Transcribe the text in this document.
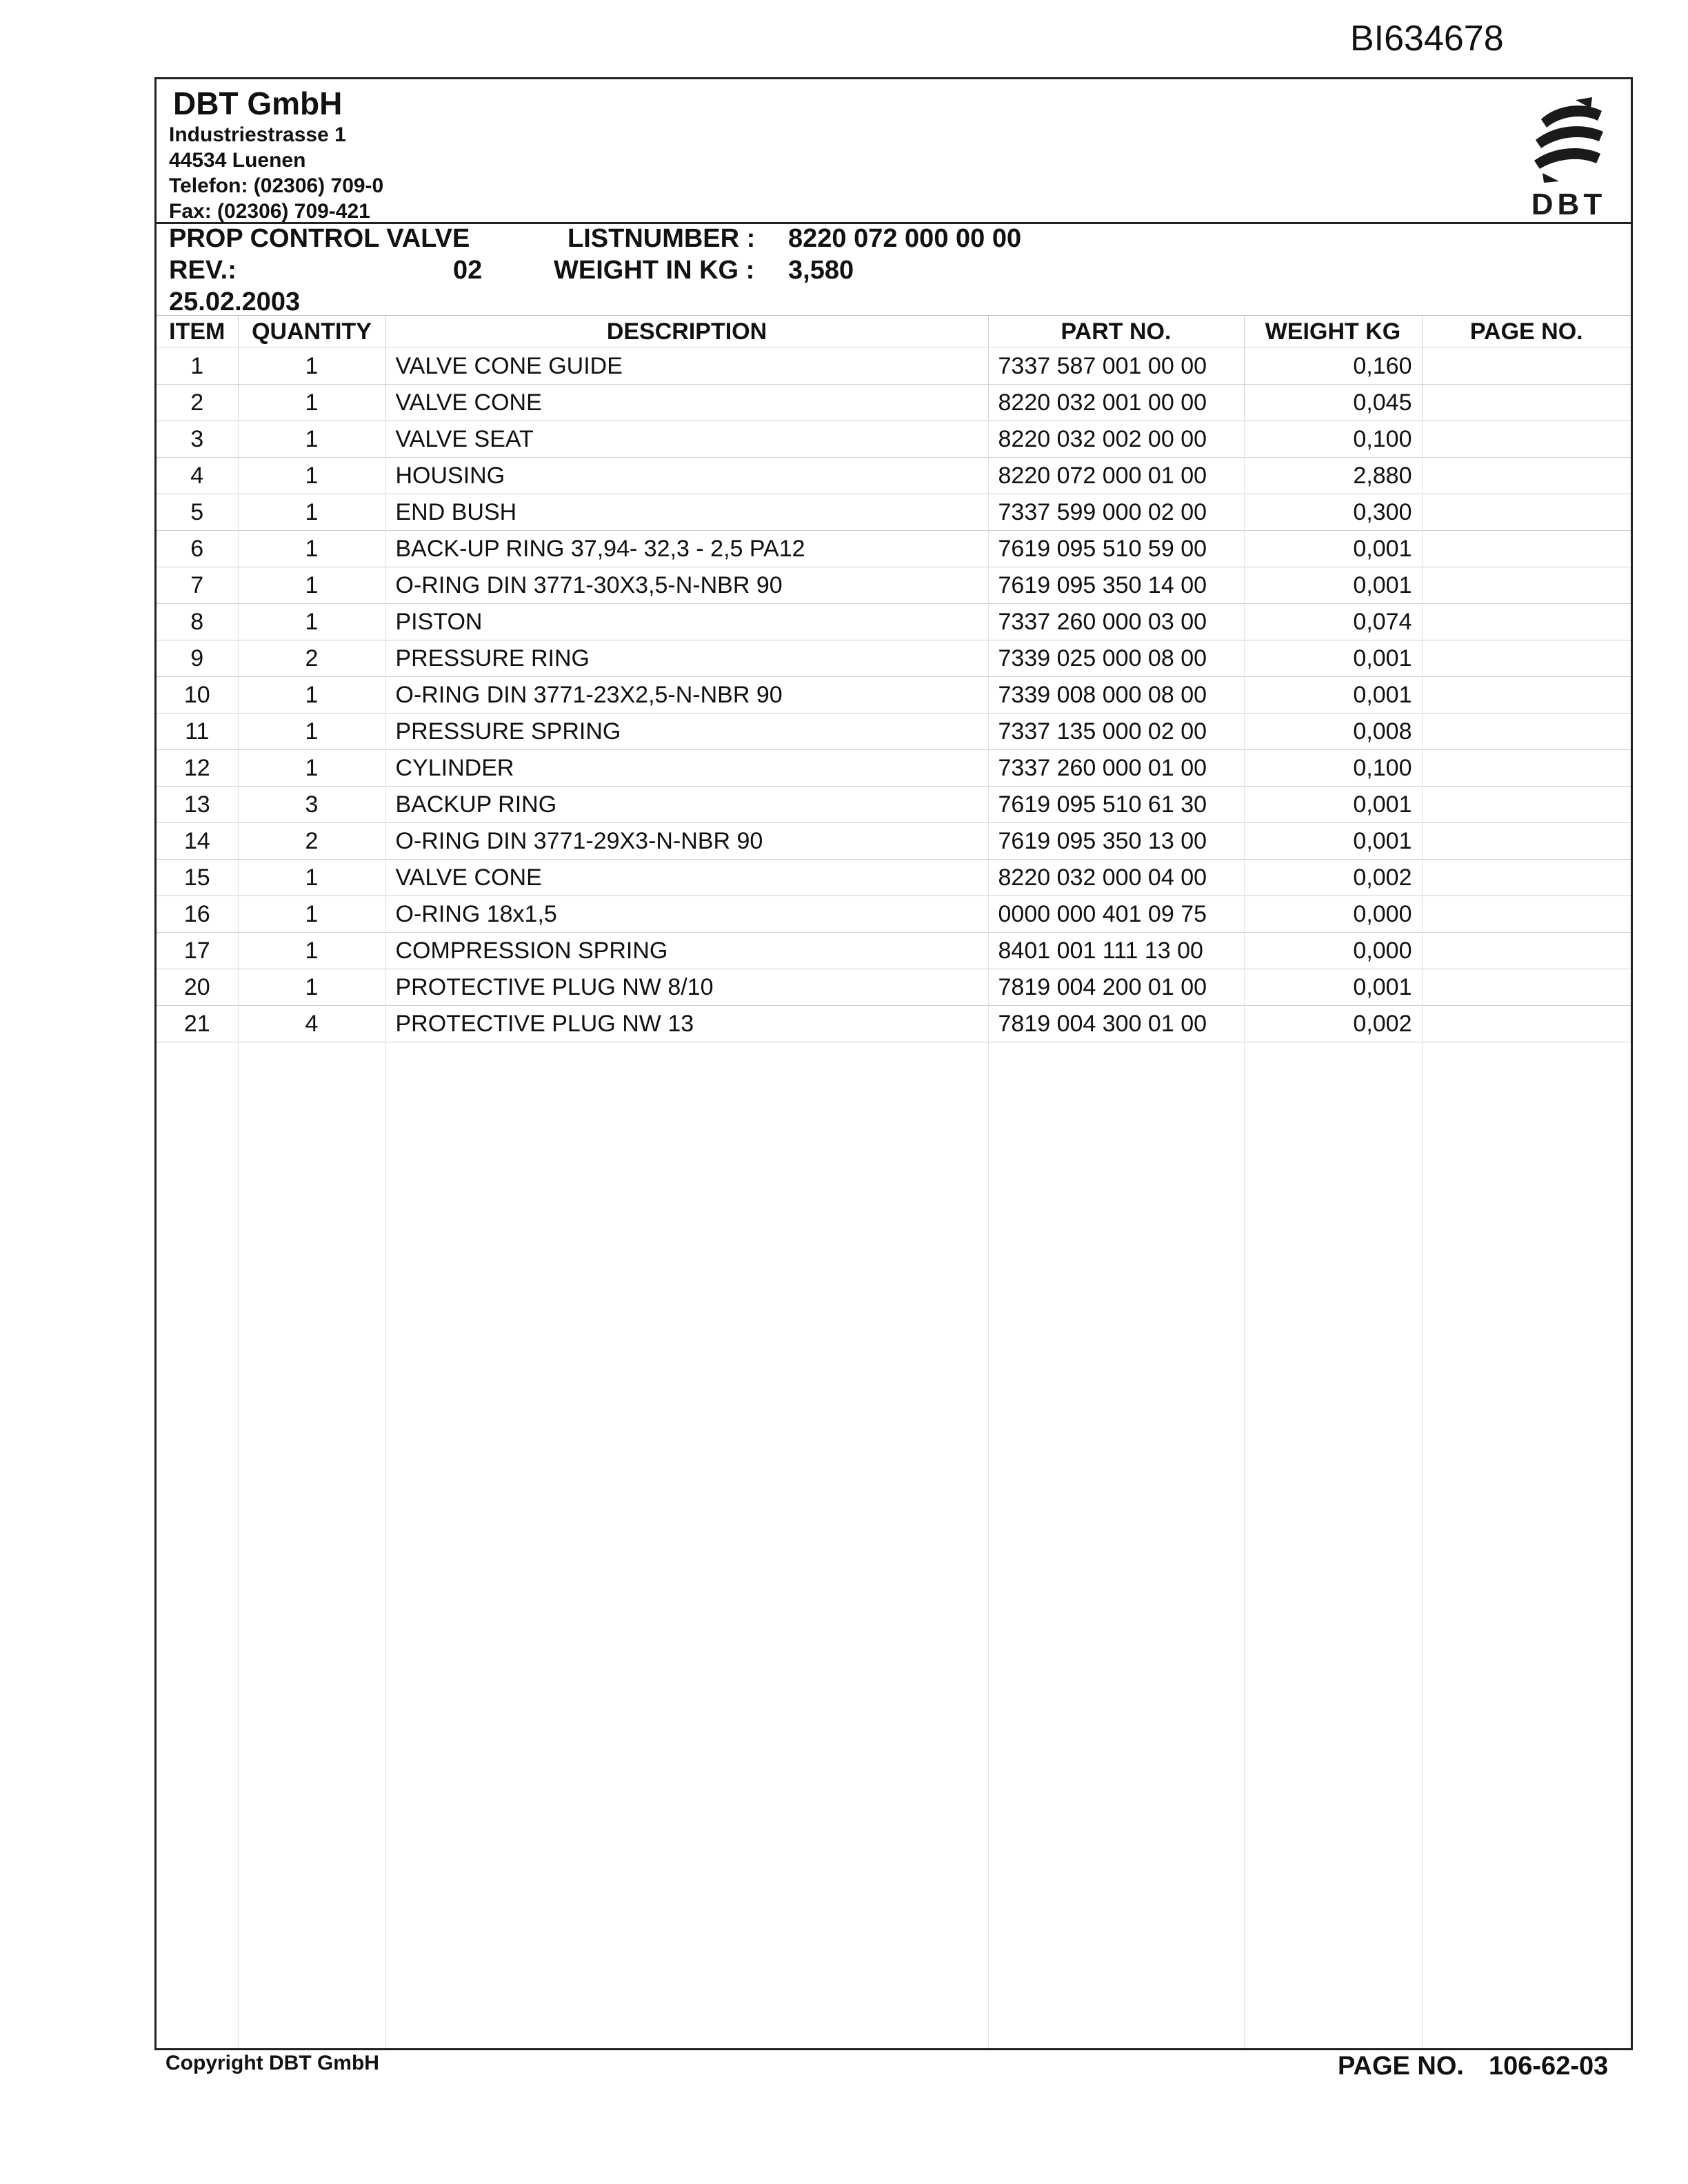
BI634678
DBT GmbH
Industriestrasse 1
44534 Luenen
Telefon: (02306) 709-0
Fax: (02306) 709-421	DBT
PROP CONTROL VALVE
REV.:	02
25.02.2003
LISTNUMBER : 8220 072 000 00 00
WEIGHT IN KG : 3,580
ITEM	QUANTITY	DESCRIPTION	PART NO.	WEIGHT KG	PAGE NO.
1	1	VALVE CONE GUIDE	7337 587 001 00 00	0,160	
2	1	VALVE CONE	8220 032 001 00 00	0,045	
3	1	VALVE SEAT	8220 032 002 00 00	0,100	
4	1	HOUSING	8220 072 000 01 00	2,880	
5	1	END BUSH	7337 599 000 02 00	0,300	
6	1	BACK-UP RING 37,94- 32,3 - 2,5 PA12	7619 095 510 59 00	0,001	
7	1	O-RING DIN 3771-30X3,5-N-NBR 90	7619 095 350 14 00	0,001	
8	1	PISTON	7337 260 000 03 00	0,074	
9	2	PRESSURE RING	7339 025 000 08 00	0,001	
10	1	O-RING DIN 3771-23X2,5-N-NBR 90	7339 008 000 08 00	0,001	
11	1	PRESSURE SPRING	7337 135 000 02 00	0,008	
12	1	CYLINDER	7337 260 000 01 00	0,100	
13	3	BACKUP RING	7619 095 510 61 30	0,001	
14	2	O-RING DIN 3771-29X3-N-NBR 90	7619 095 350 13 00	0,001	
15	1	VALVE CONE	8220 032 000 04 00	0,002	
16	1	O-RING 18x1,5	0000 000 401 09 75	0,000	
17	1	COMPRESSION SPRING	8401 001 111 13 00	0,000	
20	1	PROTECTIVE PLUG NW 8/10	7819 004 200 01 00	0,001	
21	4	PROTECTIVE PLUG NW 13	7819 004 300 01 00	0,002	
Copyright DBT GmbH	PAGE NO. 106-62-03
